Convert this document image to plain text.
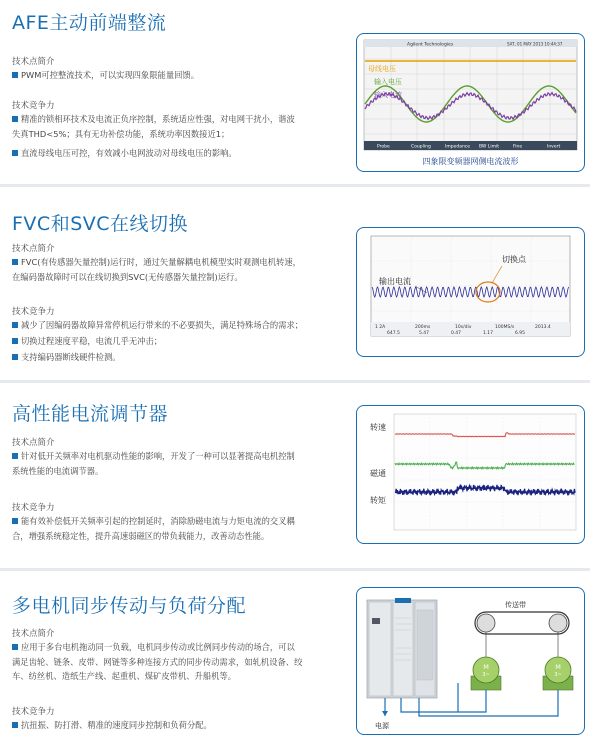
AFE主动前端整流
技术点简介
PWM可控整流技术，可以实现四象限能量回馈。
技术竞争力
精准的锁相环技术及电流正负序控制，系统适应性强，对电网干扰小，谐波
失真THD<5%；具有无功补偿功能，系统功率因数接近1；
直流母线电压可控，有效减小电网波动对母线电压的影响。
Agilent Technologies	SAT, 01 MAY 2013 10:44:37
母线电压
输入电压
输入电流
Probe	Coupling	Impedance BW Limit	Fine	Invert
四象限变频器网侧电流波形
FVC和SVC在线切换
技术点简介
FVC(有传感器矢量控制)运行时，通过矢量解耦电机模型实时观测电机转速，
在编码器故障时可以在线切换到SVC(无传感器矢量控制)运行。
技术竞争力
减少了因编码器故障异常停机运行带来的不必要损失，满足特殊场合的需求；
切换过程速度平稳，电流几乎无冲击；
支持编码器断线硬件检测。
输出电流
切换点
1 2A	200ms	10s/div	100MS/s	2013.4
647.5	5.47	0.47	1.17	6.95
高性能电流调节器
技术点简介
针对低开关频率对电机驱动性能的影响，开发了一种可以显著提高电机控制
系统性能的电流调节器。
技术竞争力
能有效补偿低开关频率引起的控制延时，消除励磁电流与力矩电流的交叉耦
合，增强系统稳定性，提升高速弱磁区的带负载能力，改善动态性能。
转速
磁通
转矩
多电机同步传动与负荷分配
技术点简介
应用于多台电机拖动同一负载，电机同步传动或比例同步传动的场合，可以
满足齿轮、链条、皮带、网链等多种连接方式的同步传动需求，如轧机设备、绞
车、纺丝机、造纸生产线、起重机、煤矿皮带机、升船机等。
技术竞争力
抗扭振、防打滑、精准的速度同步控制和负荷分配。
传送带
M
3~
M
3~
电源
